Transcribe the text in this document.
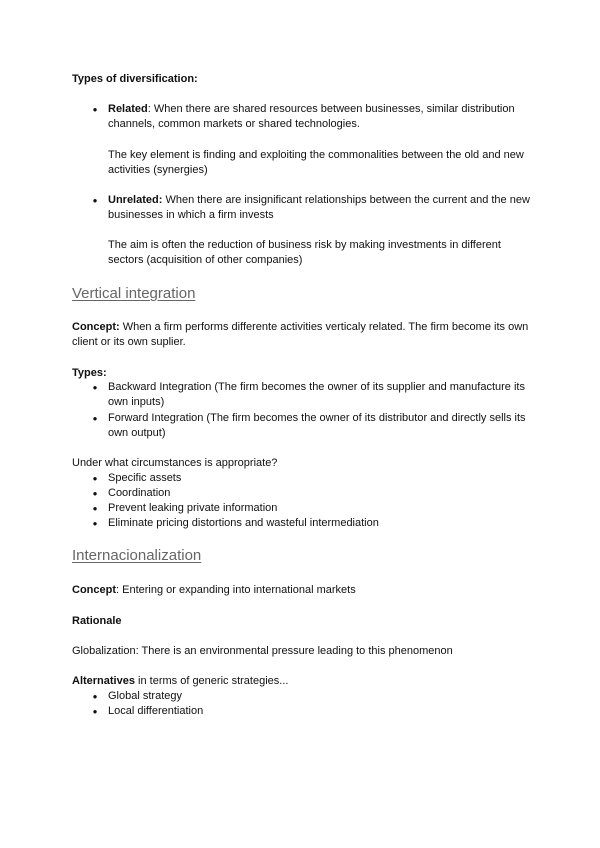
Types of diversification:
● Related: When there are shared resources between businesses, similar distribution channels, common markets or shared technologies.
The key element is finding and exploiting the commonalities between the old and new activities (synergies)
● Unrelated: When there are insignificant relationships between the current and the new businesses in which a firm invests
The aim is often the reduction of business risk by making investments in different sectors (acquisition of other companies)
Vertical integration
Concept: When a firm performs differente activities verticaly related. The firm become its own client or its own suplier.
Types:
● Backward Integration (The firm becomes the owner of its supplier and manufacture its own inputs)
● Forward Integration (The firm becomes the owner of its distributor and directly sells its own output)
Under what circumstances is appropriate?
● Specific assets
● Coordination
● Prevent leaking private information
● Eliminate pricing distortions and wasteful intermediation
Internacionalization
Concept: Entering or expanding into international markets
Rationale
Globalization: There is an environmental pressure leading to this phenomenon
Alternatives in terms of generic strategies...
● Global strategy
● Local differentiation
